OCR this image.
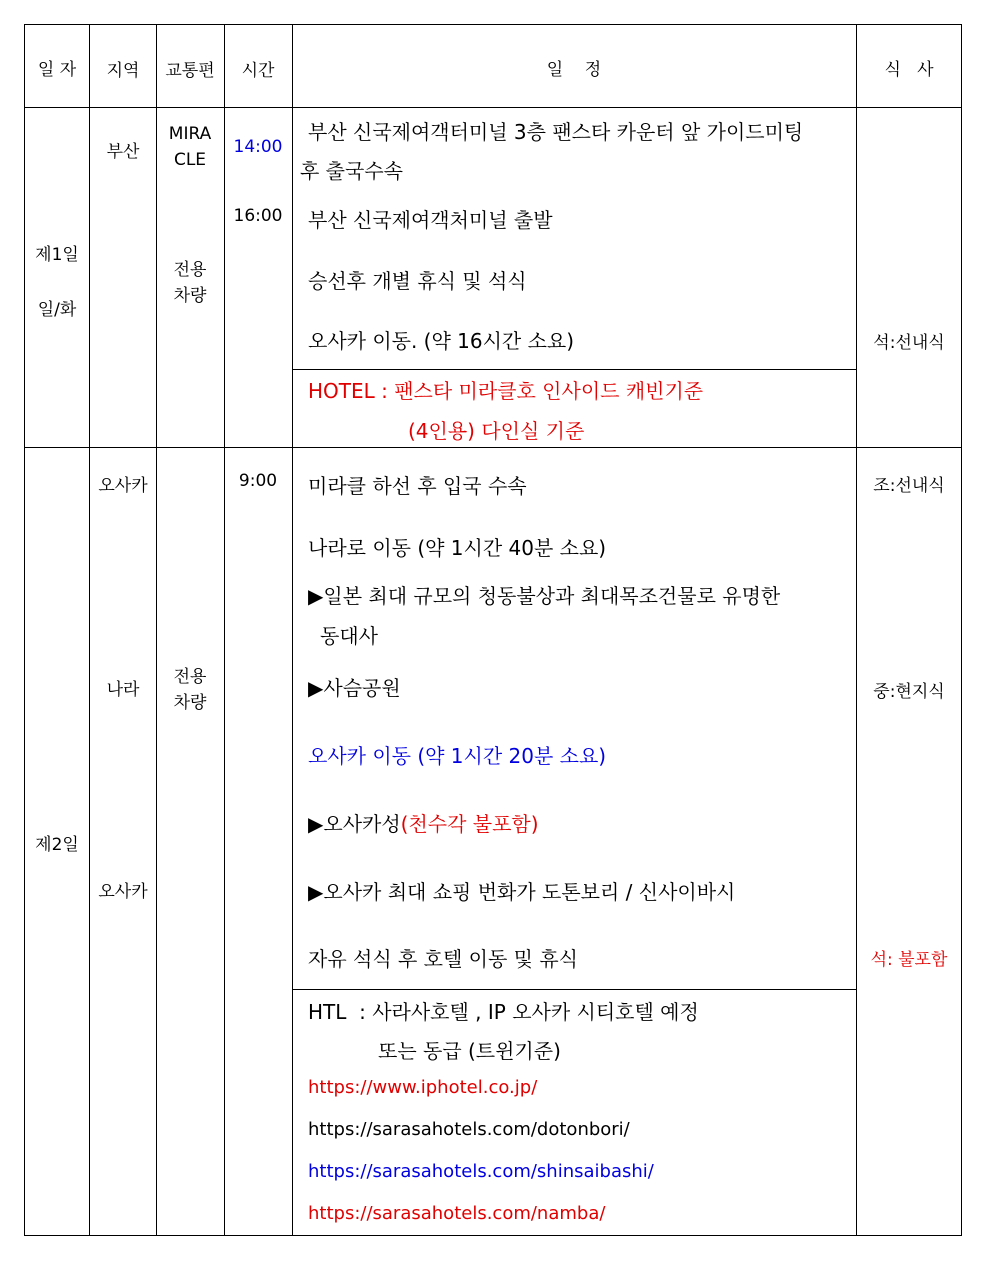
일 자 지역 교통편 시간	일    정	식   사
제1일
일/화
부산
MIRA
CLE
전용
차량
14:00
16:00
부산 신국제여객터미널 3층 팬스타 카운터 앞 가이드미팅
후 출국수속
부산 신국제여객처미널 출발
승선후 개별 휴식 및 석식
오사카 이동. (약 16시간 소요)
HOTEL : 팬스타 미라클호 인사이드 캐빈기준
(4인용) 다인실 기준
석:선내식
제2일
오사카
나라
오사카
전용
차량
9:00 미라클 하선 후 입국 수속
나라로 이동 (약 1시간 40분 소요)
▶일본 최대 규모의 청동불상과 최대목조건물로 유명한
동대사
▶사슴공원
오사카 이동 (약 1시간 20분 소요)
▶오사카성(천수각 불포함)
▶오사카 최대 쇼핑 번화가 도톤보리 / 신사이바시
자유 석식 후 호텔 이동 및 휴식
HTL  : 사라사호텔 , IP 오사카 시티호텔 예정
또는 동급 (트윈기준)
https://www.iphotel.co.jp/
https://sarasahotels.com/dotonbori/
https://sarasahotels.com/shinsaibashi/
https://sarasahotels.com/namba/
조:선내식
중:현지식
석: 불포함
